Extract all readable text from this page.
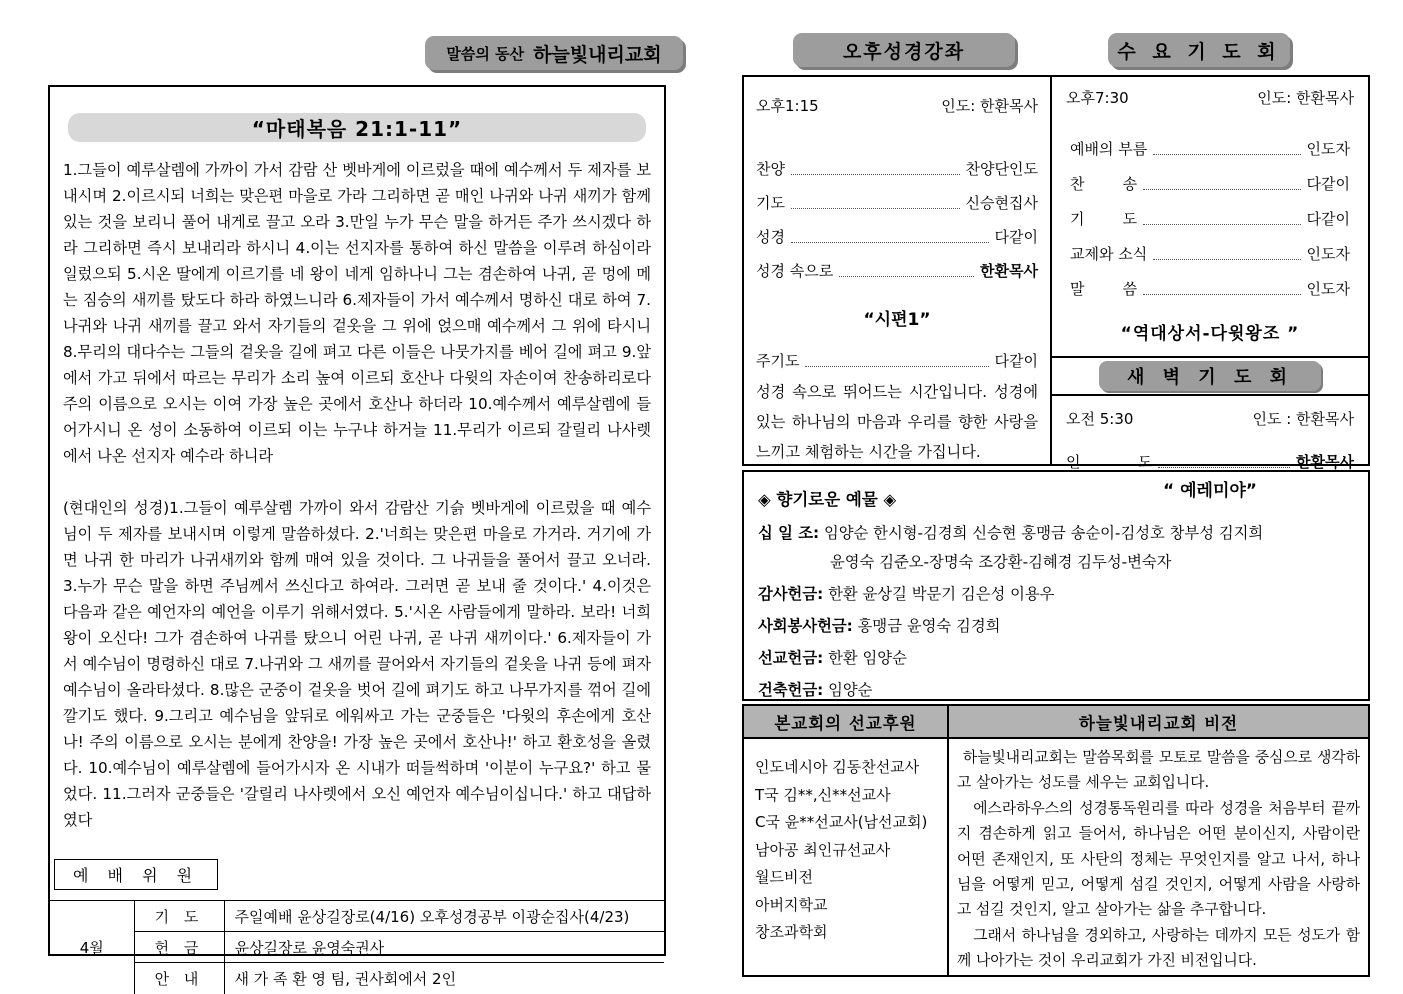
말씀의 동산 하늘빛내리교회	오후성경강좌	수 요 기 도 회
“마태복음 21:1-11”

1.그들이 예루살렘에 가까이 가서 감람 산 벳바게에 이르렀을 때에 예수께서 두 제자를 보내시며 2.이르시되 너희는 맞은편 마을로 가라 그리하면 곧 매인 나귀와 나귀 새끼가 함께 있는 것을 보리니 풀어 내게로 끌고 오라 3.만일 누가 무슨 말을 하거든 주가 쓰시겠다 하라 그리하면 즉시 보내리라 하시니 4.이는 선지자를 통하여 하신 말씀을 이루려 하심이라 일렀으되 5.시온 딸에게 이르기를 네 왕이 네게 임하나니 그는 겸손하여 나귀, 곧 멍에 메는 짐승의 새끼를 탔도다 하라 하였느니라 6.제자들이 가서 예수께서 명하신 대로 하여 7.나귀와 나귀 새끼를 끌고 와서 자기들의 겉옷을 그 위에 얹으매 예수께서 그 위에 타시니 8.무리의 대다수는 그들의 겉옷을 길에 펴고 다른 이들은 나뭇가지를 베어 길에 펴고 9.앞에서 가고 뒤에서 따르는 무리가 소리 높여 이르되 호산나 다윗의 자손이여 찬송하리로다 주의 이름으로 오시는 이여 가장 높은 곳에서 호산나 하더라 10.예수께서 예루살렘에 들어가시니 온 성이 소동하여 이르되 이는 누구냐 하거늘 11.무리가 이르되 갈릴리 나사렛에서 나온 선지자 예수라 하니라

(현대인의 성경)1.그들이 예루살렘 가까이 와서 감람산 기슭 벳바게에 이르렀을 때 예수님이 두 제자를 보내시며 이렇게 말씀하셨다. 2.'너희는 맞은편 마을로 가거라. 거기에 가면 나귀 한 마리가 나귀새끼와 함께 매여 있을 것이다. 그 나귀들을 풀어서 끌고 오너라. 3.누가 무슨 말을 하면 주님께서 쓰신다고 하여라. 그러면 곧 보내 줄 것이다.' 4.이것은 다음과 같은 예언자의 예언을 이루기 위해서였다. 5.'시온 사람들에게 말하라. 보라! 너희 왕이 오신다! 그가 겸손하여 나귀를 탔으니 어린 나귀, 곧 나귀 새끼이다.' 6.제자들이 가서 예수님이 명령하신 대로 7.나귀와 그 새끼를 끌어와서 자기들의 겉옷을 나귀 등에 펴자 예수님이 올라타셨다. 8.많은 군중이 겉옷을 벗어 길에 펴기도 하고 나무가지를 꺾어 길에 깔기도 했다. 9.그리고 예수님을 앞뒤로 에워싸고 가는 군중들은 '다윗의 후손에게 호산나! 주의 이름으로 오시는 분에게 찬양을! 가장 높은 곳에서 호산나!' 하고 환호성을 올렸다. 10.예수님이 예루살렘에 들어가시자 온 시내가 떠들썩하며 '이분이 누구요?' 하고 물었다. 11.그러자 군중들은 '갈릴리 나사렛에서 오신 예언자 예수님이십니다.' 하고 대답하였다

예 배 위 원
4월	기 도	주일예배 윤상길장로(4/16) 오후성경공부 이광순집사(4/23)
	헌 금	윤상길장로 윤영숙권사
	안 내	새 가 족 환 영 팀, 권사회에서 2인
오후1:15	인도: 한환목사
찬양	찬양단인도
기도	신승현집사
성경	다같이
성경 속으로	한환목사
“시편1”
주기도	다같이
성경 속으로 뛰어드는 시간입니다. 성경에 있는 하나님의 마음과 우리를 향한 사랑을 느끼고 체험하는 시간을 가집니다.
오후7:30	인도: 한환목사
예배의 부름	인도자
찬        송	다같이
기        도	다같이
교제와 소식	인도자
말        씀	인도자
“역대상서-다윗왕조 ”
새 벽 기 도 회
오전 5:30	인도 : 한환목사
인            도	한환목사
“ 예레미야”
◈ 향기로운 예물 ◈
십 일 조: 임양순 한시형-김경희 신승현 홍맹금 송순이-김성호 창부성 김지희
윤영숙 김준오-장명숙 조강환-김혜경 김두성-변숙자
감사헌금: 한환 윤상길 박문기 김은성 이용우
사회봉사헌금: 홍맹금 윤영숙 김경희
선교헌금: 한환 임양순
건축헌금: 임양순
본교회의 선교후원	하늘빛내리교회 비전

인도네시아 김동찬선교사
T국 김**,신**선교사
C국 윤**선교사(남선교회)
남아공 최인규선교사
월드비전
아버지학교
창조과학회

하늘빛내리교회는 말씀목회를 모토로 말씀을 중심으로 생각하고 살아가는 성도를 세우는 교회입니다.

에스라하우스의 성경통독원리를 따라 성경을 처음부터 끝까지 겸손하게 읽고 들어서, 하나님은 어떤 분이신지, 사람이란 어떤 존재인지, 또 사탄의 정체는 무엇인지를 알고 나서, 하나님을 어떻게 믿고, 어떻게 섬길 것인지, 어떻게 사람을 사랑하고 섬길 것인지, 알고 살아가는 삶을 추구합니다.

그래서 하나님을 경외하고, 사랑하는 데까지 모든 성도가 함께 나아가는 것이 우리교회가 가진 비전입니다.
